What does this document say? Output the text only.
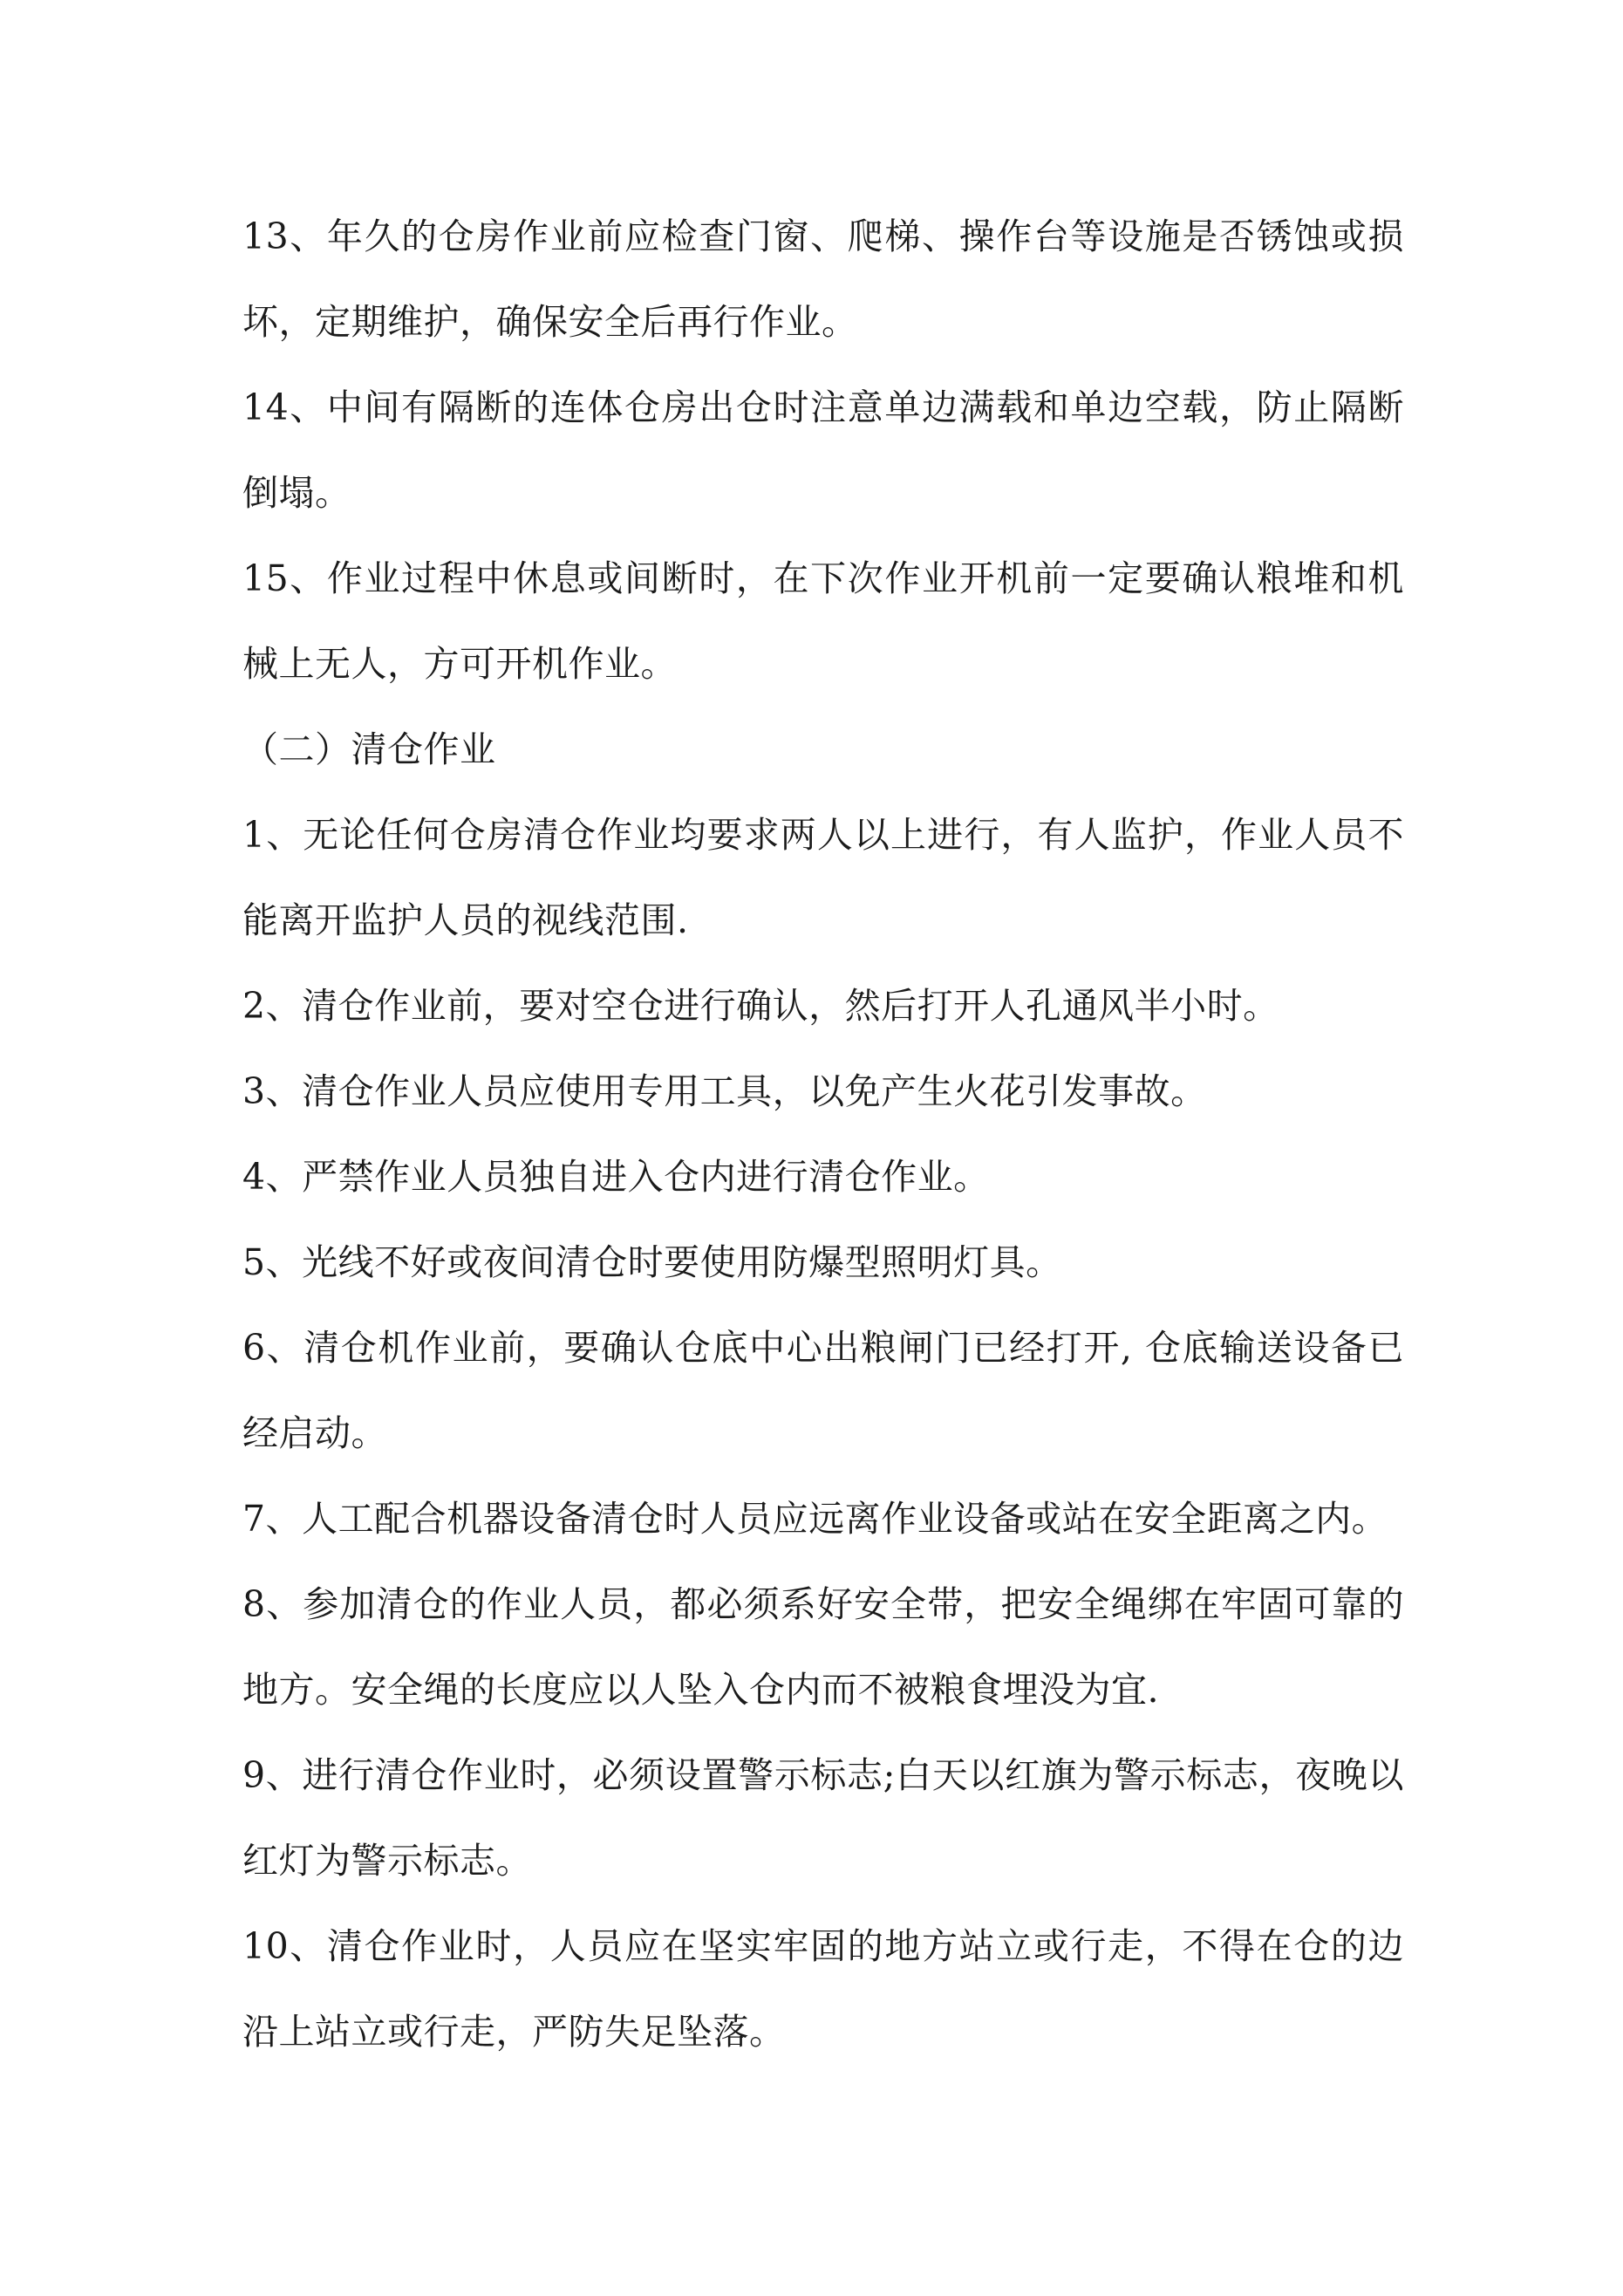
13、年久的仓房作业前应检查门窗、爬梯、操作台等设施是否锈蚀或损坏，定期维护，确保安全后再行作业。

14、中间有隔断的连体仓房出仓时注意单边满载和单边空载，防止隔断倒塌。

15、作业过程中休息或间断时，在下次作业开机前一定要确认粮堆和机械上无人，方可开机作业。

（二）清仓作业

1、无论任何仓房清仓作业均要求两人以上进行，有人监护，作业人员不能离开监护人员的视线范围.

2、清仓作业前，要对空仓进行确认，然后打开人孔通风半小时。

3、清仓作业人员应使用专用工具，以免产生火花引发事故。

4、严禁作业人员独自进入仓内进行清仓作业。

5、光线不好或夜间清仓时要使用防爆型照明灯具。

6、清仓机作业前，要确认仓底中心出粮闸门已经打开, 仓底输送设备已经启动。

7、人工配合机器设备清仓时人员应远离作业设备或站在安全距离之内。

8、参加清仓的作业人员，都必须系好安全带，把安全绳绑在牢固可靠的地方。安全绳的长度应以人坠入仓内而不被粮食埋没为宜.

9、进行清仓作业时，必须设置警示标志;白天以红旗为警示标志，夜晚以红灯为警示标志。

10、清仓作业时，人员应在坚实牢固的地方站立或行走，不得在仓的边沿上站立或行走，严防失足坠落。
